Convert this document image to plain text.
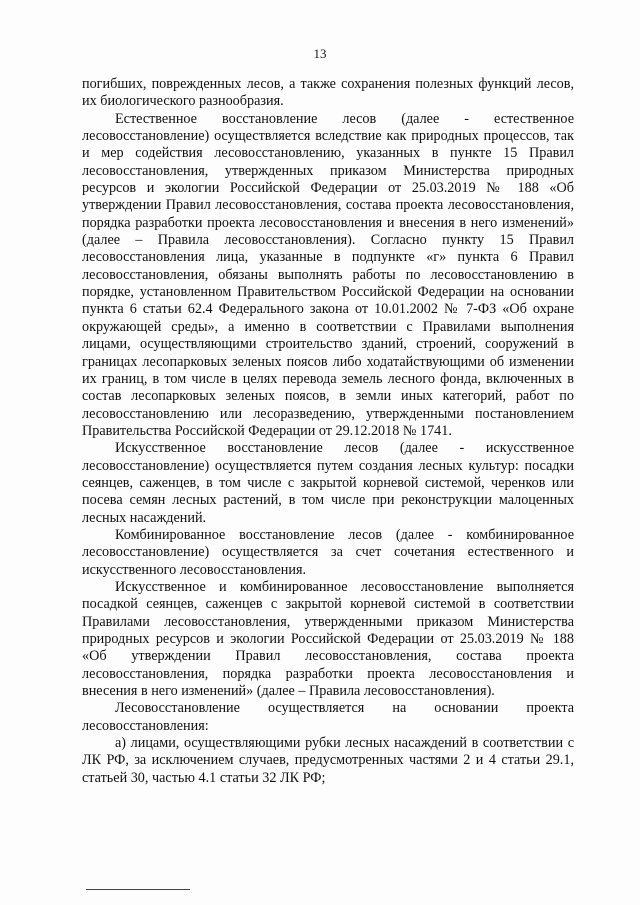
13

погибших, поврежденных лесов, а также сохранения полезных функций лесов, их биологического разнообразия.

Естественное восстановление лесов (далее - естественное лесовосстановление) осуществляется вследствие как природных процессов, так и мер содействия лесовосстановлению, указанных в пункте 15 Правил лесовосстановления, утвержденных приказом Министерства природных ресурсов и экологии Российской Федерации от 25.03.2019 № 188 «Об утверждении Правил лесовосстановления, состава проекта лесовосстановления, порядка разработки проекта лесовосстановления и внесения в него изменений» (далее – Правила лесовосстановления). Согласно пункту 15 Правил лесовосстановления лица, указанные в подпункте «г» пункта 6 Правил лесовосстановления, обязаны выполнять работы по лесовосстановлению в порядке, установленном Правительством Российской Федерации на основании пункта 6 статьи 62.4 Федерального закона от 10.01.2002 № 7-ФЗ «Об охране окружающей среды», а именно в соответствии с Правилами выполнения лицами, осуществляющими строительство зданий, строений, сооружений в границах лесопарковых зеленых поясов либо ходатайствующими об изменении их границ, в том числе в целях перевода земель лесного фонда, включенных в состав лесопарковых зеленых поясов, в земли иных категорий, работ по лесовосстановлению или лесоразведению, утвержденными постановлением Правительства Российской Федерации от 29.12.2018 № 1741.

Искусственное восстановление лесов (далее - искусственное лесовосстановление) осуществляется путем создания лесных культур: посадки сеянцев, саженцев, в том числе с закрытой корневой системой, черенков или посева семян лесных растений, в том числе при реконструкции малоценных лесных насаждений.

Комбинированное восстановление лесов (далее - комбинированное лесовосстановление) осуществляется за счет сочетания естественного и искусственного лесовосстановления.

Искусственное и комбинированное лесовосстановление выполняется посадкой сеянцев, саженцев с закрытой корневой системой в соответствии Правилами лесовосстановления, утвержденными приказом Министерства природных ресурсов и экологии Российской Федерации от 25.03.2019 № 188 «Об утверждении Правил лесовосстановления, состава проекта лесовосстановления, порядка разработки проекта лесовосстановления и внесения в него изменений» (далее – Правила лесовосстановления).

Лесовосстановление осуществляется на основании проекта лесовосстановления:

а) лицами, осуществляющими рубки лесных насаждений в соответствии с ЛК РФ, за исключением случаев, предусмотренных частями 2 и 4 статьи 29.1, статьей 30, частью 4.1 статьи 32 ЛК РФ;
